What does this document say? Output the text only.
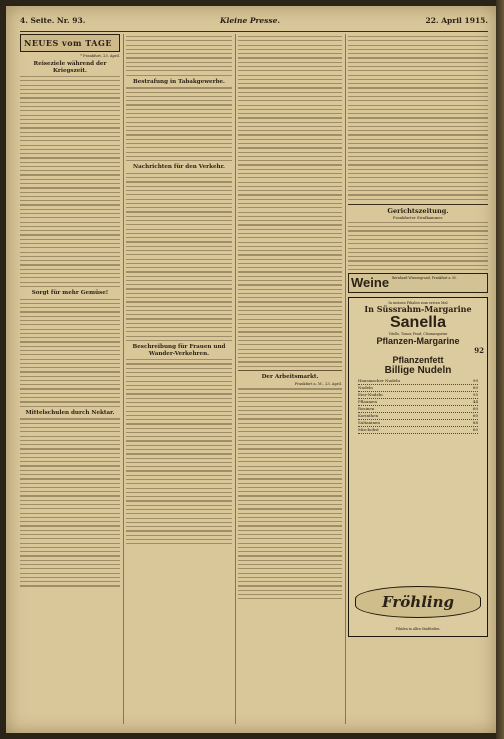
4. Seite. Nr. 93.	Kleine Presse.	22. April 1915.
NEUES vom TAGE
* Frankfurt, 23. April.
Reiseziele während der Kriegszeit.
Sorgt für mehr Gemüse!
Mittelschulen durch Nektar.
Bestrafung in Tabakgewerbe.
Nachrichten für den Verkehr.
Beschreibung für Frauen und Wander-Verkehren.
Der Arbeitsmarkt.
Frankfurt a. M., 23. April.
Gerichtszeitung.
Frankfurter Strafkammer.
Weine Bernhard Wiesengrund, Frankfurt a. M.
In meinen Filialen zum ersten Mal
In Süssrahm-Margarine
Sanella
Vitello, Tomor, Pearl, Cleomargarine
Pflanzen-Margarine
92
Pflanzenfett
Billige Nudeln
Hausmacher Nudeln	90
Nudeln	80
Eier-Nudeln	95
Pflaumen	44
Rosinen	60
Korinthen	60
Sultaninen	88
Mischobst	60
Fröhling
Filialen in allen Stadtteilen.
